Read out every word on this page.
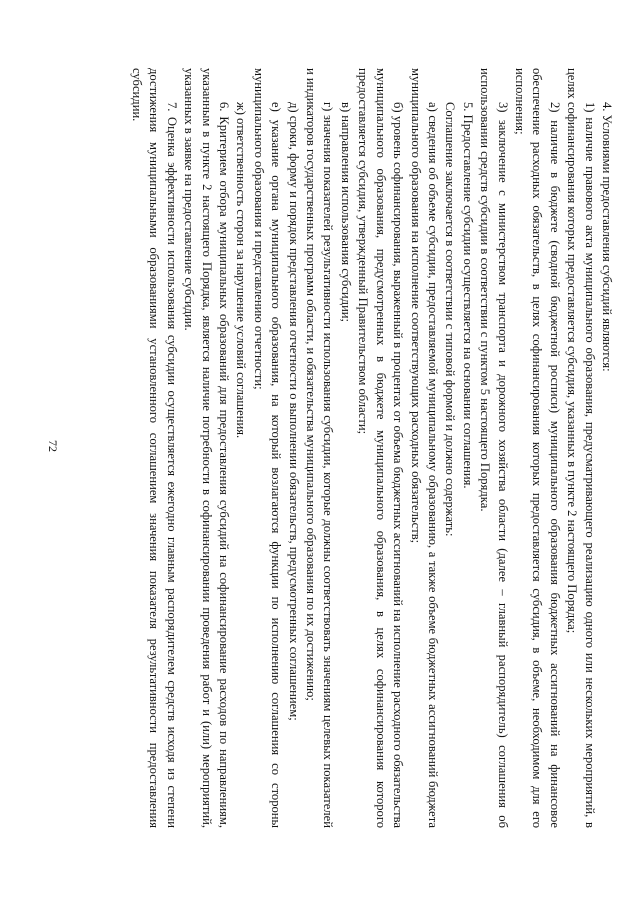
72

4. Условиями предоставления субсидий являются:

1) наличие правового акта муниципального образования, предусматривающего реализацию одного или нескольких мероприятий, в целях софинансирования которых предоставляется субсидия, указанных в пункте 2 настоящего Порядка;

2) наличие в бюджете (сводной бюджетной росписи) муниципального образования бюджетных ассигнований на финансовое обеспечение расходных обязательств, в целях софинансирования которых предоставляется субсидия, в объеме, необходимом для его исполнения;

3) заключение с министерством транспорта и дорожного хозяйства области (далее – главный распорядитель) соглашения об использовании средств субсидии в соответствии с пунктом 5 настоящего Порядка.

5. Предоставление субсидии осуществляется на основании соглашения.

Соглашение заключается в соответствии с типовой формой и должно содержать:

а) сведения об объеме субсидии, предоставляемой муниципальному образованию, а также объеме бюджетных ассигнований бюджета муниципального образования на исполнение соответствующих расходных обязательств;

б) уровень софинансирования, выраженный в процентах от объема бюджетных ассигнований на исполнение расходного обязательства муниципального образования, предусмотренных в бюджете муниципального образования, в целях софинансирования которого предоставляется субсидия, утвержденный Правительством области;

в) направления использования субсидии;

г) значения показателей результативности использования субсидии, которые должны соответствовать значениям целевых показателей и индикаторов государственных программ области, и обязательства муниципального образования по их достижению;

д) сроки, форму и порядок представления отчетности о выполнении обязательств, предусмотренных соглашением;

е) указание органа муниципального образования, на который возлагаются функции по исполнению соглашения со стороны муниципального образования и представлению отчетности;

ж) ответственность сторон за нарушение условий соглашения.

6. Критерием отбора муниципальных образований для предоставления субсидий на софинансирование расходов по направлениям, указанным в пункте 2 настоящего Порядка, является наличие потребности в софинансировании проведения работ и (или) мероприятий, указанных в заявке на предоставление субсидии.

7. Оценка эффективности использования субсидии осуществляется ежегодно главным распорядителем средств исходя из степени достижения муниципальными образованиями установленного соглашением значения показателя результативности предоставления субсидии.
